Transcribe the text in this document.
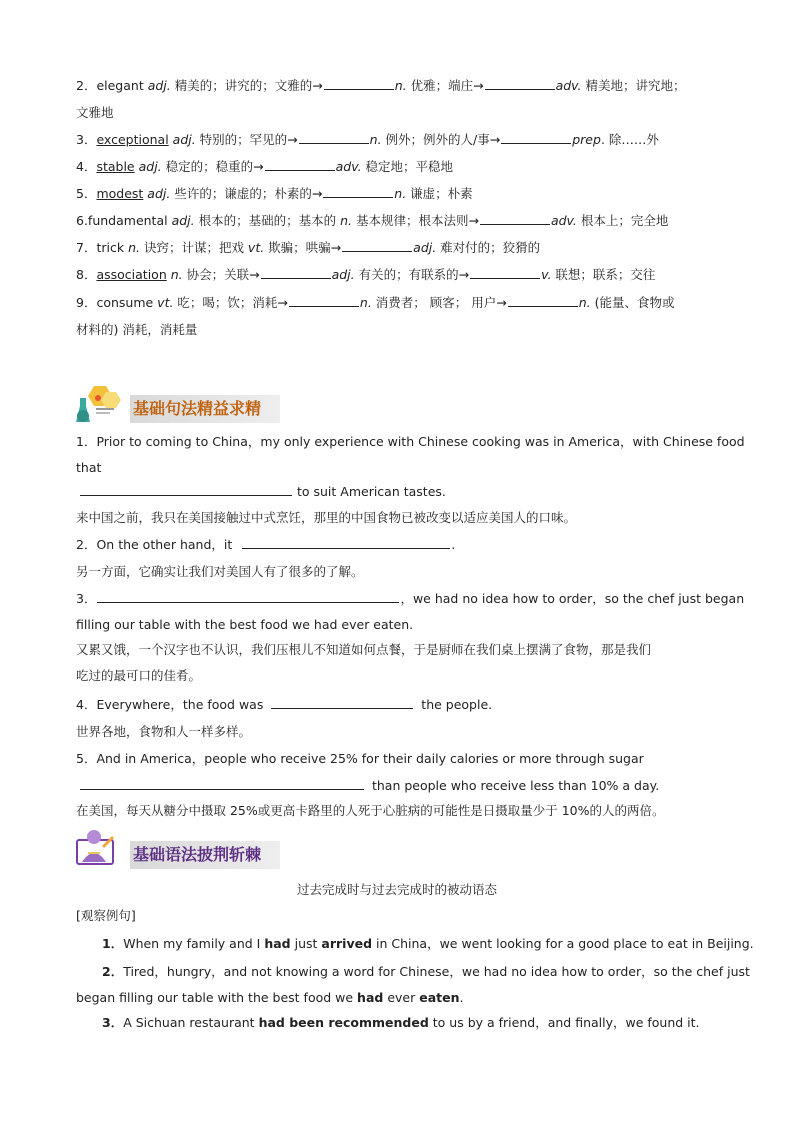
2．elegant adj. 精美的；讲究的；文雅的→	n. 优雅；端庄→	adv. 精美地；讲究地；
文雅地
3．exceptional adj. 特别的；罕见的→	n. 例外；例外的人/事→	prep. 除……外
4．stable adj. 稳定的；稳重的→	adv. 稳定地；平稳地
5．modest adj. 些许的；谦虚的；朴素的→	n. 谦虚；朴素
6.fundamental adj. 根本的；基础的；基本的 n. 基本规律；根本法则→	adv. 根本上；完全地
7．trick n. 诀窍；计谋；把戏 vt. 欺骗；哄骗→	adj. 难对付的；狡猾的
8．association n. 协会；关联→	adj. 有关的；有联系的→	v. 联想；联系；交往
9．consume vt. 吃；喝；饮；消耗→	n. 消费者； 顾客； 用户→	n. (能量、食物或
材料的) 消耗，消耗量
基础句法精益求精
1．Prior to coming to China，my only experience with Chinese cooking was in America，with Chinese food
that
to suit American tastes.
来中国之前，我只在美国接触过中式烹饪，那里的中国食物已被改变以适应美国人的口味。
2．On the other hand，it	.
另一方面，它确实让我们对美国人有了很多的了解。
3．	，we had no idea how to order，so the chef just began
filling our table with the best food we had ever eaten.
又累又饿，一个汉字也不认识，我们压根儿不知道如何点餐，于是厨师在我们桌上摆满了食物，那是我们
吃过的最可口的佳肴。
4．Everywhere，the food was	the people.
世界各地，食物和人一样多样。
5．And in America，people who receive 25% for their daily calories or more through sugar
than people who receive less than 10% a day.
在美国，每天从糖分中摄取 25%或更高卡路里的人死于心脏病的可能性是日摄取量少于 10%的人的两倍。
基础语法披荆斩棘
过去完成时与过去完成时的被动语态
[观察例句]
1．When my family and I had just arrived in China，we went looking for a good place to eat in Beijing.
2．Tired，hungry，and not knowing a word for Chinese，we had no idea how to order，so the chef just
began filling our table with the best food we had ever eaten.
3．A Sichuan restaurant had been recommended to us by a friend，and finally，we found it.
